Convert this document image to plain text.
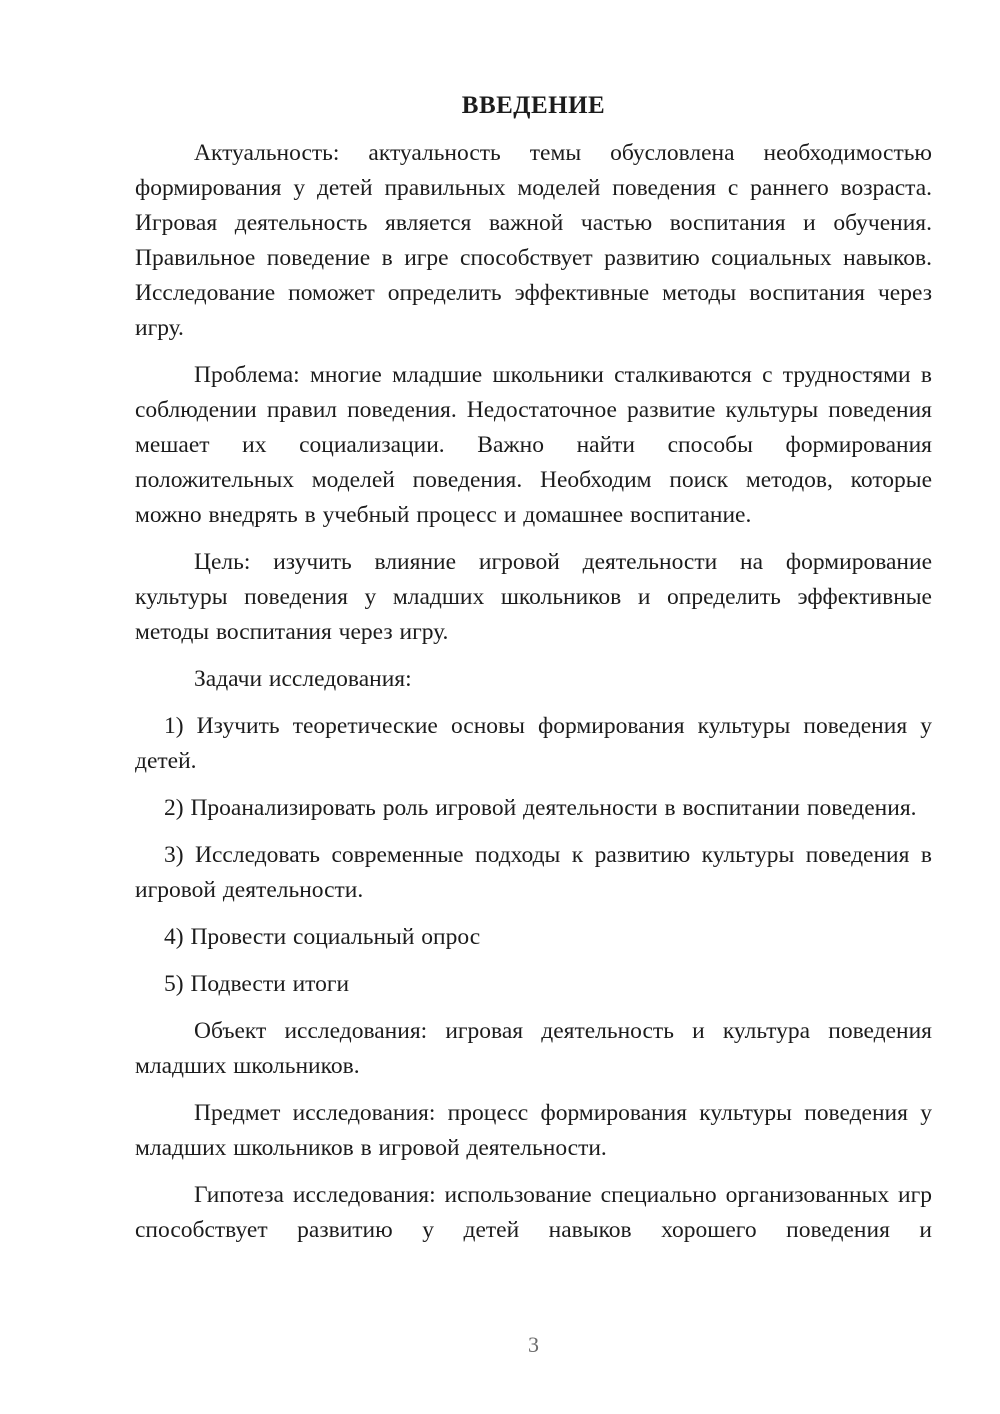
ВВЕДЕНИЕ

Актуальность: актуальность темы обусловлена необходимостью формирования у детей правильных моделей поведения с раннего возраста. Игровая деятельность является важной частью воспитания и обучения. Правильное поведение в игре способствует развитию социальных навыков. Исследование поможет определить эффективные методы воспитания через игру.

Проблема: многие младшие школьники сталкиваются с трудностями в соблюдении правил поведения. Недостаточное развитие культуры поведения мешает их социализации. Важно найти способы формирования положительных моделей поведения. Необходим поиск методов, которые можно внедрять в учебный процесс и домашнее воспитание.

Цель: изучить влияние игровой деятельности на формирование культуры поведения у младших школьников и определить эффективные методы воспитания через игру.

Задачи исследования:

1) Изучить теоретические основы формирования культуры поведения у детей.

2) Проанализировать роль игровой деятельности в воспитании поведения.

3) Исследовать современные подходы к развитию культуры поведения в игровой деятельности.

4) Провести социальный опрос

5) Подвести итоги

Объект исследования: игровая деятельность и культура поведения младших школьников.

Предмет исследования: процесс формирования культуры поведения у младших школьников в игровой деятельности.

Гипотеза исследования: использование специально организованных игр способствует развитию у детей навыков хорошего поведения и

3
